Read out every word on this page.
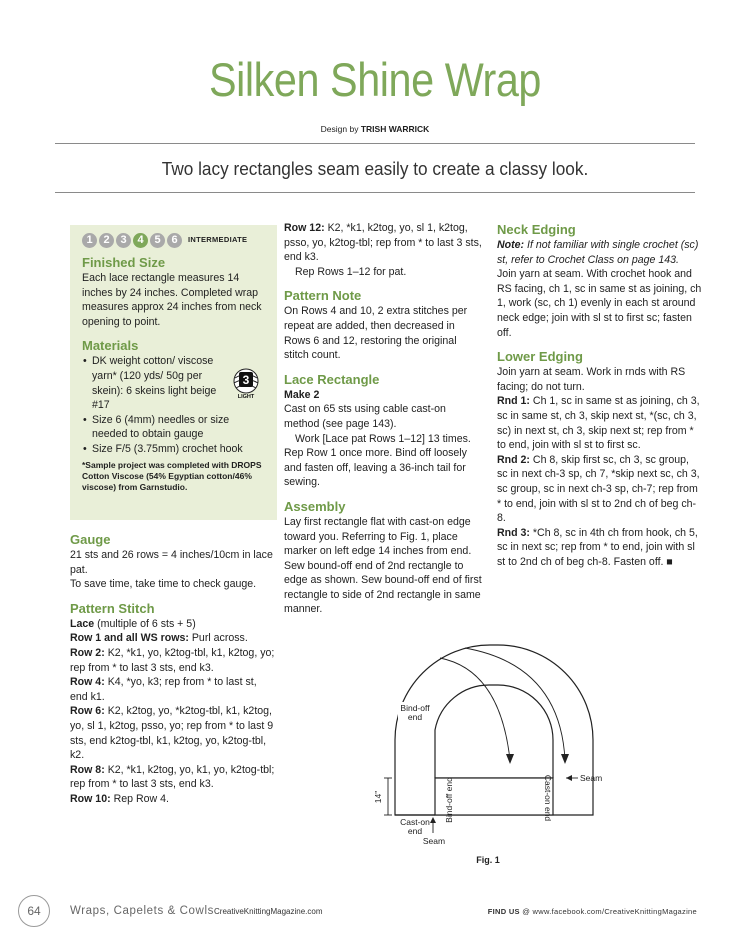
Silken Shine Wrap
Design by TRISH WARRICK
Two lacy rectangles seam easily to create a classy look.
1 2 3 4 5 6	INTERMEDIATE
Finished Size

Each lace rectangle measures 14 inches by 24 inches. Completed wrap measures approx 24 inches from neck opening to point.

Materials

• DK weight cotton/ viscose yarn* (120 yds/ 50g per skein): 6 skeins light beige #17

• Size 6 (4mm) needles or size needed to obtain gauge

• Size F/5 (3.75mm) crochet hook

*Sample project was completed with DROPS Cotton Viscose (54% Egyptian cotton/46% viscose) from Garnstudio.

3
LIGHT
Gauge

21 sts and 26 rows = 4 inches/10cm in lace pat.

To save time, take time to check gauge.

Pattern Stitch

Lace (multiple of 6 sts + 5)

Row 1 and all WS rows: Purl across.

Row 2: K2, *k1, yo, k2tog-tbl, k1, k2tog, yo; rep from * to last 3 sts, end k3.

Row 4: K4, *yo, k3; rep from * to last st, end k1.

Row 6: K2, k2tog, yo, *k2tog-tbl, k1, k2tog, yo, sl 1, k2tog, psso, yo; rep from * to last 9 sts, end k2tog-tbl, k1, k2tog, yo, k2tog-tbl, k2.

Row 8: K2, *k1, k2tog, yo, k1, yo, k2tog-tbl; rep from * to last 3 sts, end k3.

Row 10: Rep Row 4.

Row 12: K2, *k1, k2tog, yo, sl 1, k2tog, psso, yo, k2tog-tbl; rep from * to last 3 sts, end k3.

Rep Rows 1–12 for pat.

Pattern Note

On Rows 4 and 10, 2 extra stitches per repeat are added, then decreased in Rows 6 and 12, restoring the original stitch count.

Lace Rectangle

Make 2

Cast on 65 sts using cable cast-on method (see page 143).

Work [Lace pat Rows 1–12] 13 times. Rep Row 1 once more. Bind off loosely and fasten off, leaving a 36-inch tail for sewing.

Assembly

Lay first rectangle flat with cast-on edge toward you. Referring to Fig. 1, place marker on left edge 14 inches from end. Sew bound-off end of 2nd rectangle to edge as shown. Sew bound-off end of first rectangle to side of 2nd rectangle in same manner.

Neck Edging

Note: If not familiar with single crochet (sc) st, refer to Crochet Class on page 143.

Join yarn at seam. With crochet hook and RS facing, ch 1, sc in same st as joining, ch 1, work (sc, ch 1) evenly in each st around neck edge; join with sl st to first sc; fasten off.

Lower Edging

Join yarn at seam. Work in rnds with RS facing; do not turn.

Rnd 1: Ch 1, sc in same st as joining, ch 3, sc in same st, ch 3, skip next st, *(sc, ch 3, sc) in next st, ch 3, skip next st; rep from * to end, join with sl st to first sc.

Rnd 2: Ch 8, skip first sc, ch 3, sc group, sc in next ch-3 sp, ch 7, *skip next sc, ch 3, sc group, sc in next ch-3 sp, ch-7; rep from * to end, join with sl st to 2nd ch of beg ch-8.

Rnd 3: *Ch 8, sc in 4th ch from hook, ch 5, sc in next sc; rep from * to end, join with sl st to 2nd ch of beg ch-8. Fasten off. ■

Bind-off
end
Bind-off end	Cast-on end	Seam
14"
Cast-on
end
Seam
Fig. 1
64	Wraps, Capelets & Cowls CreativeKnittingMagazine.com	FIND US @ www.facebook.com/CreativeKnittingMagazine
